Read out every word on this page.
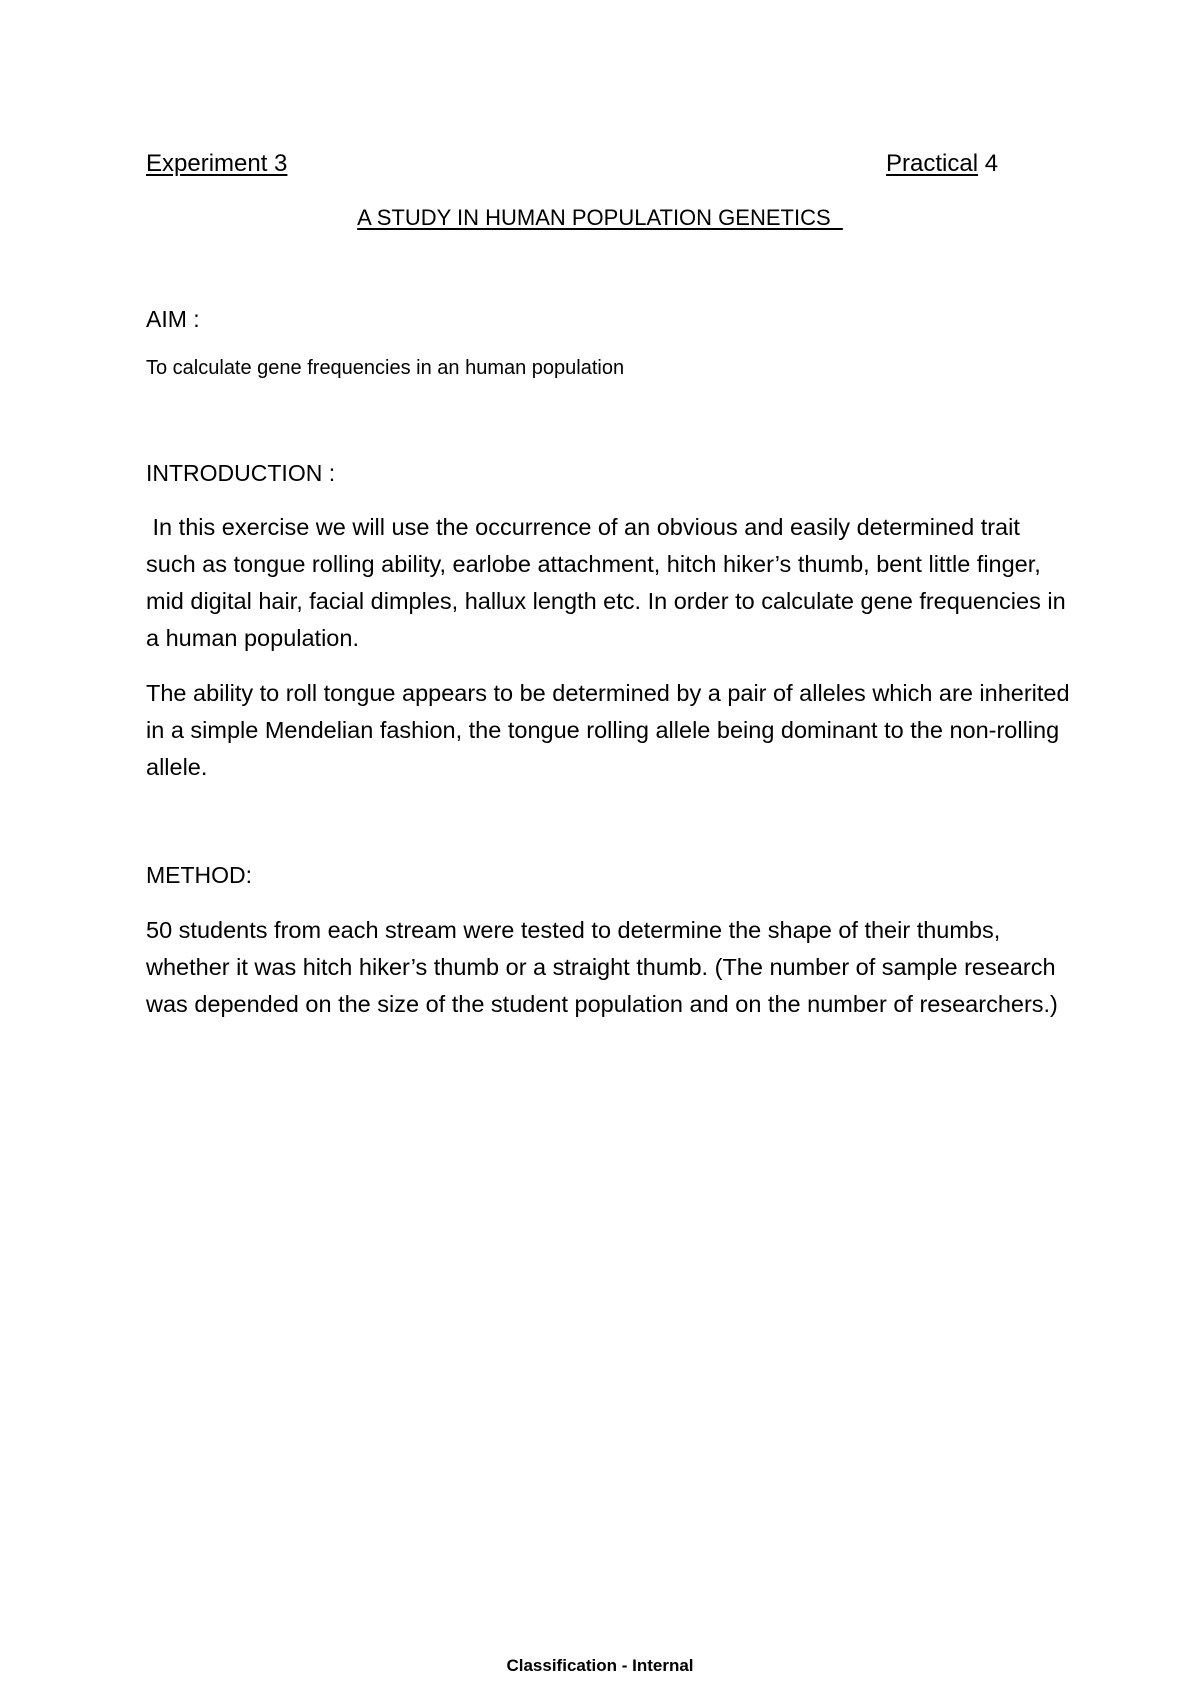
Experiment 3	Practical 4
A STUDY IN HUMAN POPULATION GENETICS
AIM :
To calculate gene frequencies in an human population
INTRODUCTION :

In this exercise we will use the occurrence of an obvious and easily determined trait such as tongue rolling ability, earlobe attachment, hitch hiker’s thumb, bent little finger, mid digital hair, facial dimples, hallux length etc. In order to calculate gene frequencies in a human population.

The ability to roll tongue appears to be determined by a pair of alleles which are inherited in a simple Mendelian fashion, the tongue rolling allele being dominant to the non-rolling allele.

METHOD:

50 students from each stream were tested to determine the shape of their thumbs, whether it was hitch hiker’s thumb or a straight thumb. (The number of sample research was depended on the size of the student population and on the number of researchers.)

Classification - Internal
